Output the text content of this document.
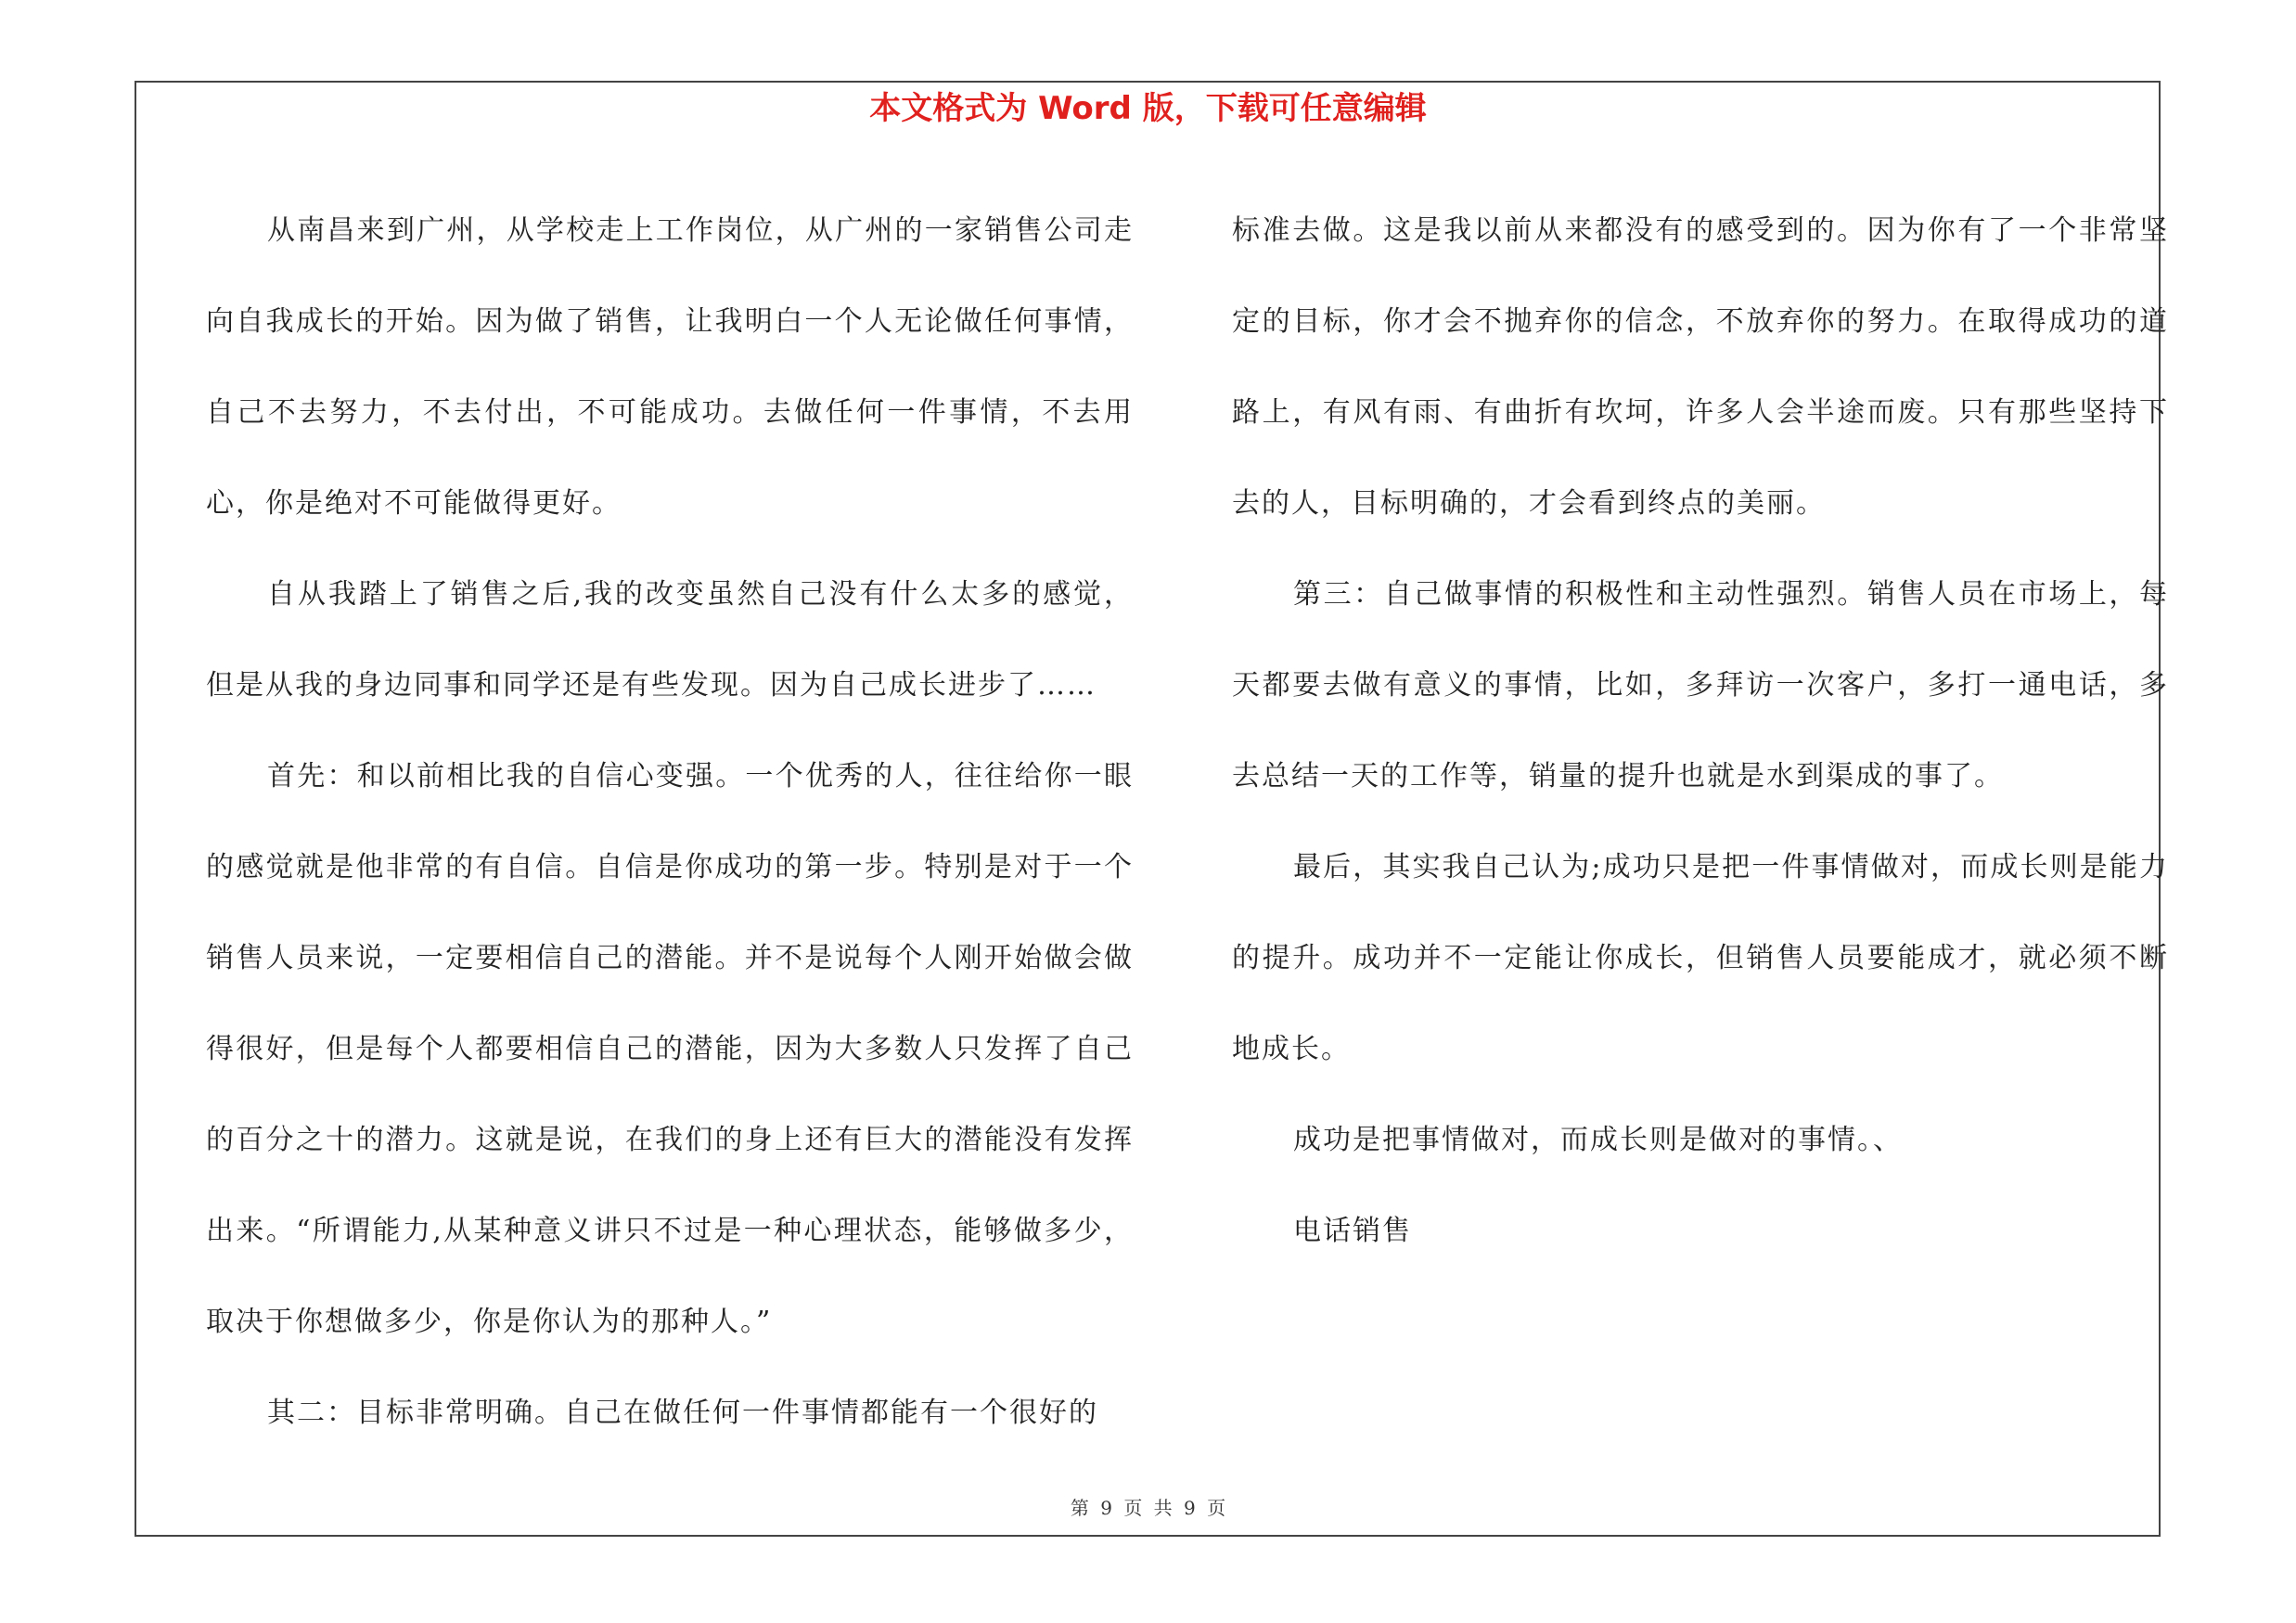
本文格式为 Word 版，下载可任意编辑

从南昌来到广州，从学校走上工作岗位，从广州的一家销售公司走向自我成长的开始。因为做了销售，让我明白一个人无论做任何事情，自己不去努力，不去付出，不可能成功。去做任何一件事情，不去用心，你是绝对不可能做得更好。

自从我踏上了销售之后,我的改变虽然自己没有什么太多的感觉，但是从我的身边同事和同学还是有些发现。因为自己成长进步了……

首先：和以前相比我的自信心变强。一个优秀的人，往往给你一眼的感觉就是他非常的有自信。自信是你成功的第一步。特别是对于一个销售人员来说，一定要相信自己的潜能。并不是说每个人刚开始做会做得很好，但是每个人都要相信自己的潜能，因为大多数人只发挥了自己的百分之十的潜力。这就是说，在我们的身上还有巨大的潜能没有发挥出来。“所谓能力,从某种意义讲只不过是一种心理状态，能够做多少，取决于你想做多少，你是你认为的那种人。”

其二：目标非常明确。自己在做任何一件事情都能有一个很好的

标准去做。这是我以前从来都没有的感受到的。因为你有了一个非常坚定的目标，你才会不抛弃你的信念，不放弃你的努力。在取得成功的道路上，有风有雨、有曲折有坎坷，许多人会半途而废。只有那些坚持下去的人，目标明确的，才会看到终点的美丽。

第三：自己做事情的积极性和主动性强烈。销售人员在市场上，每天都要去做有意义的事情，比如，多拜访一次客户，多打一通电话，多去总结一天的工作等，销量的提升也就是水到渠成的事了。

最后，其实我自己认为;成功只是把一件事情做对，而成长则是能力的提升。成功并不一定能让你成长，但销售人员要能成才，就必须不断地成长。

成功是把事情做对，而成长则是做对的事情。、

电话销售

第 9 页 共 9 页
